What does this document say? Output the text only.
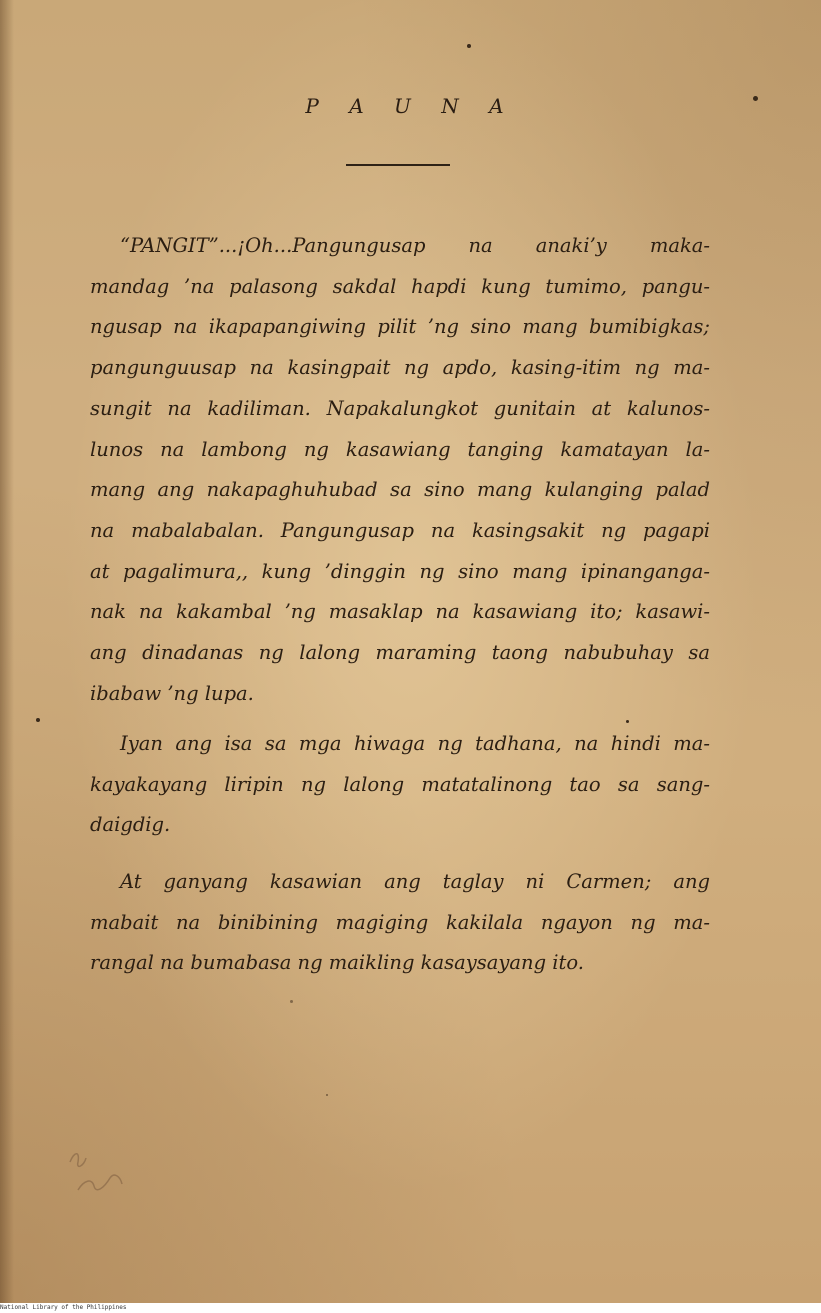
P A U N A
“PANGIT”...¡Oh...Pangungusap na anaki’y maka-
mandag ’na palasong sakdal hapdi kung tumimo, pangu-
ngusap na ikapapangiwing pilit ’ng sino mang bumibigkas;
pangunguusap na kasingpait ng apdo, kasing-itim ng ma-
sungit na kadiliman. Napakalungkot gunitain at kalunos-
lunos na lambong ng kasawiang tanging kamatayan la-
mang ang nakapaghuhubad sa sino mang kulanging palad
na mabalabalan. Pangungusap na kasingsakit ng pagapi
at pagalimura,, kung ’dinggin ng sino mang ipinanganga-
nak na kakambal ’ng masaklap na kasawiang ito; kasawi-
ang dinadanas ng lalong maraming taong nabubuhay sa
ibabaw ’ng lupa.
Iyan ang isa sa mga hiwaga ng tadhana, na hindi ma-
kayakayang liripin ng lalong matatalinong tao sa sang-
daigdig.
At ganyang kasawian ang taglay ni Carmen; ang
mabait na binibining magiging kakilala ngayon ng ma-
rangal na bumabasa ng maikling kasaysayang ito.
National Library of the Philippines
